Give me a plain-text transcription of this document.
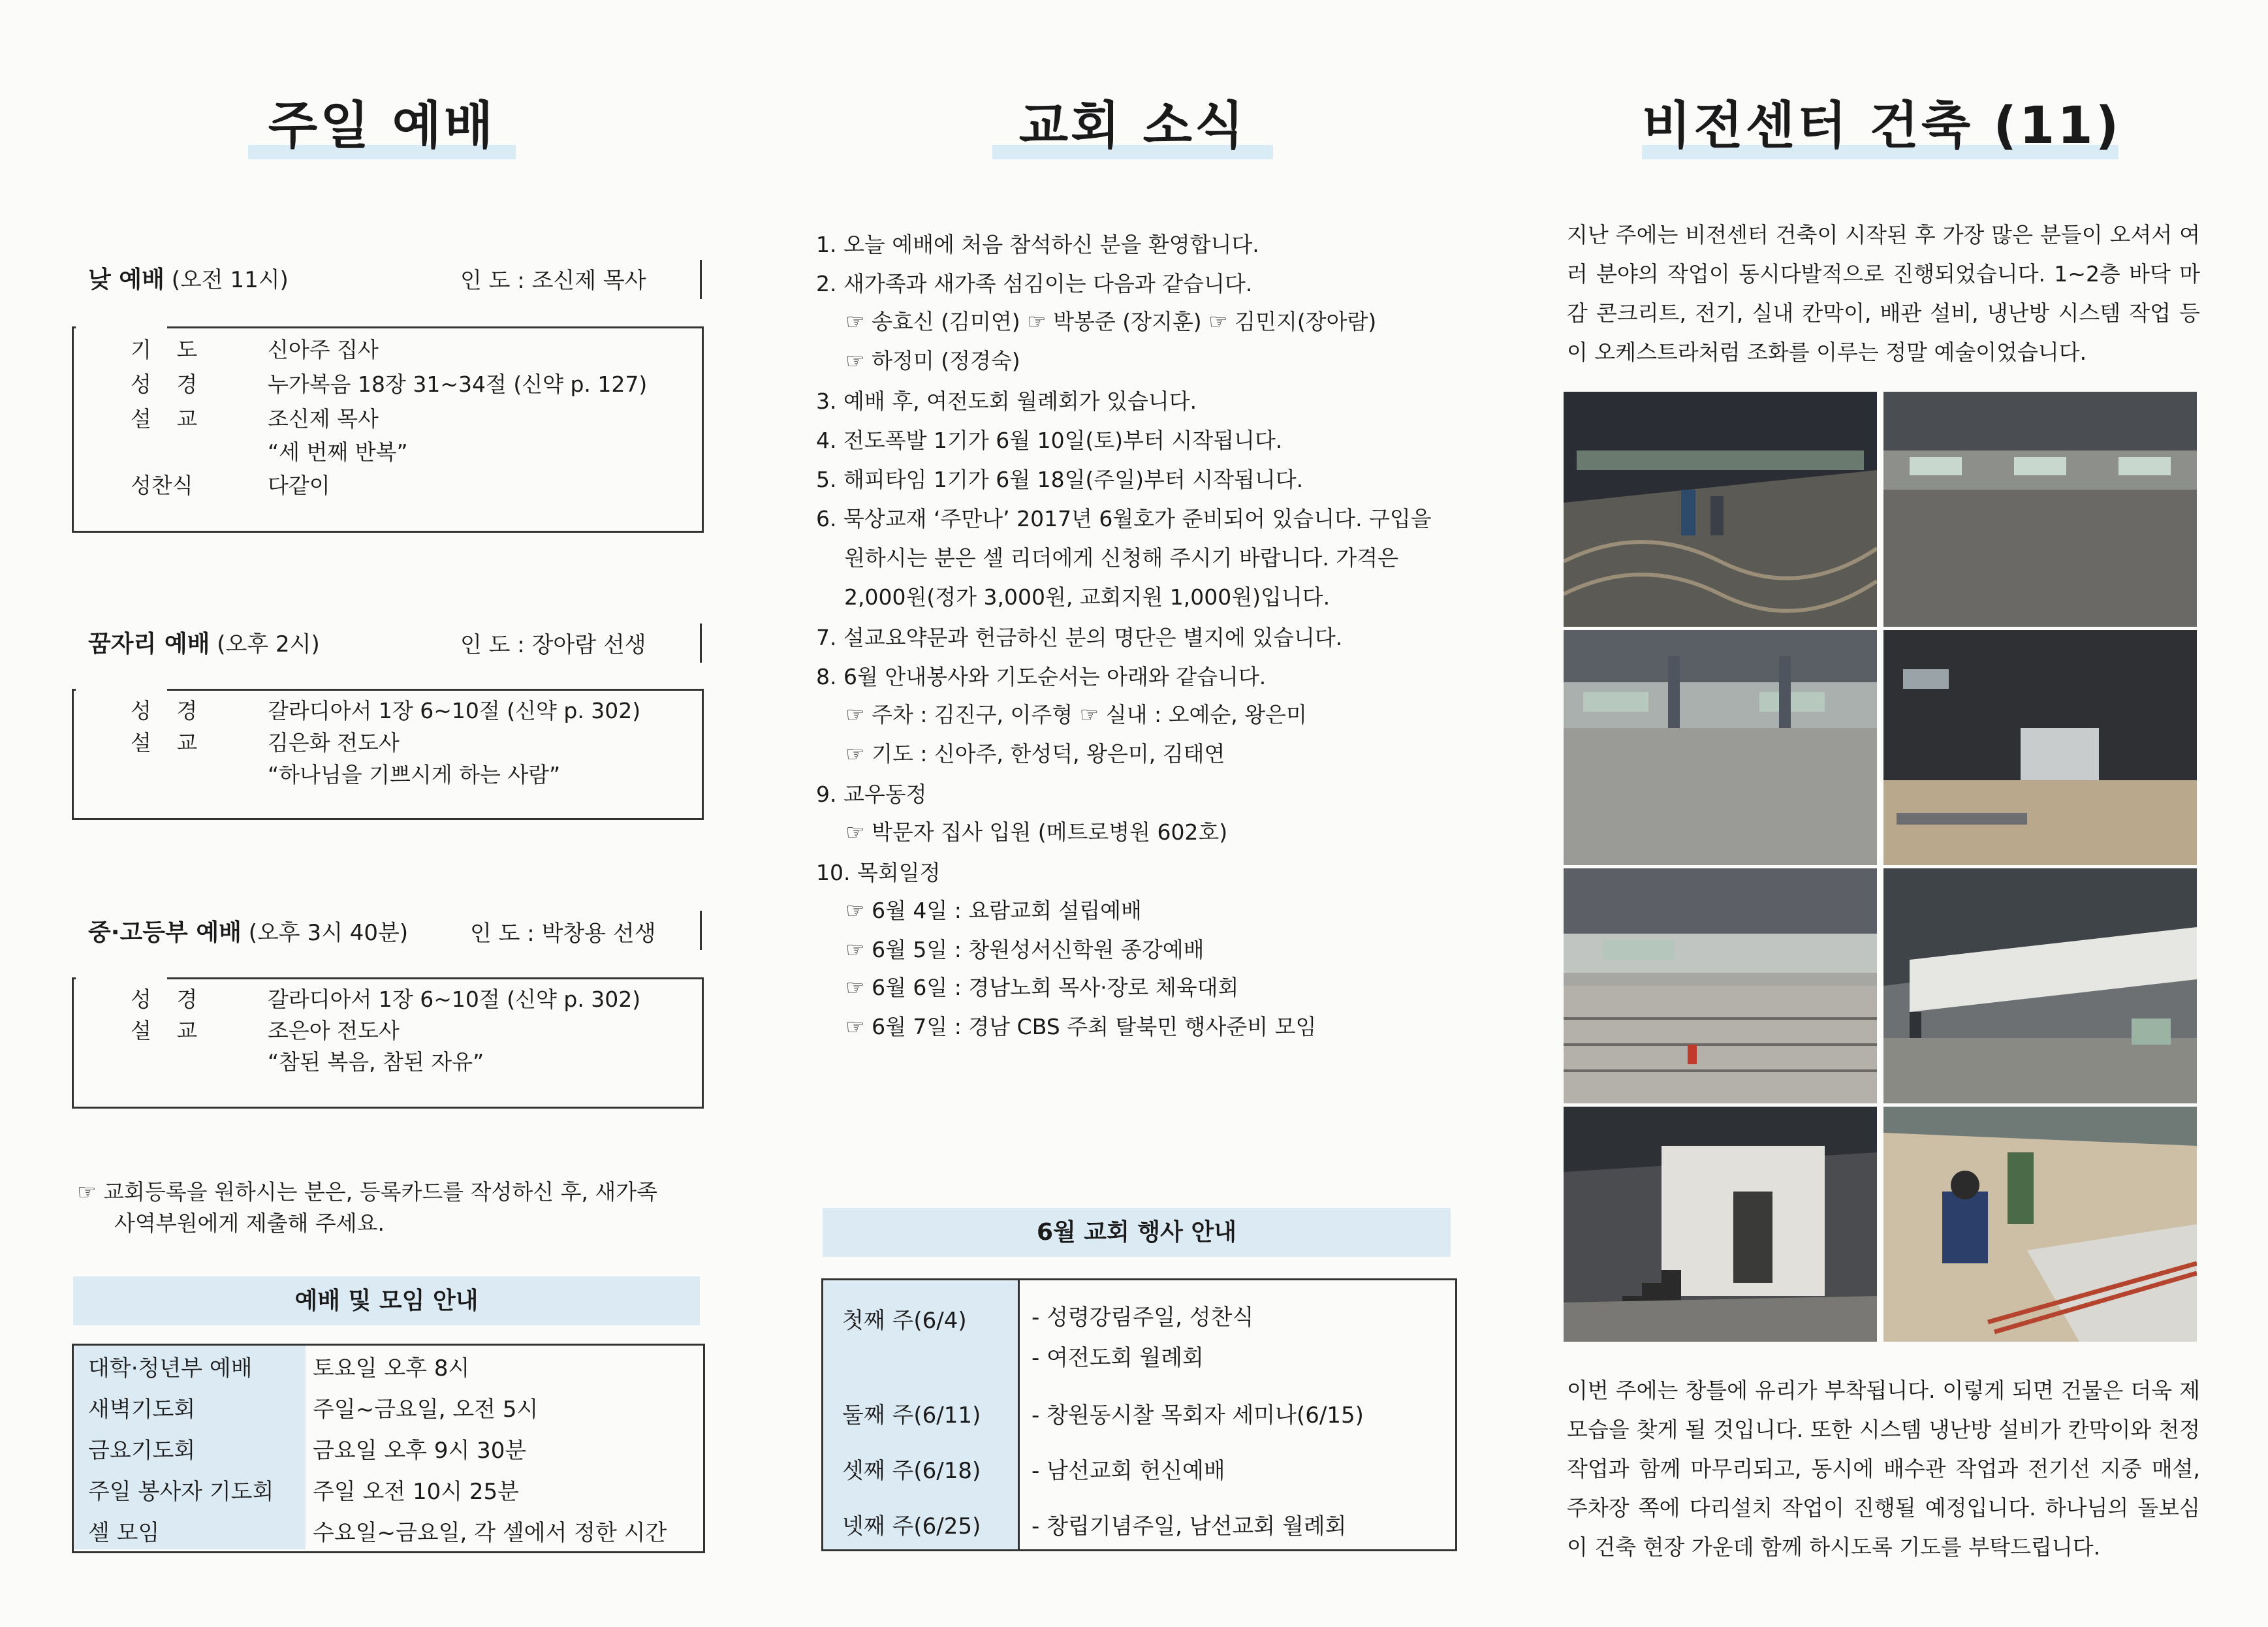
주일 예배
낮 예배 (오전 11시)	인 도 : 조신제 목사
기 도	신아주 집사
성 경	누가복음 18장 31~34절 (신약 p. 127)
설 교	조신제 목사
“세 번째 반복”
성찬식	다같이
꿈자리 예배 (오후 2시)	인 도 : 장아람 선생
성 경	갈라디아서 1장 6~10절 (신약 p. 302)
설 교	김은화 전도사
“하나님을 기쁘시게 하는 사람”
중·고등부 예배 (오후 3시 40분)	인 도 : 박창용 선생
성 경	갈라디아서 1장 6~10절 (신약 p. 302)
설 교	조은아 전도사
“참된 복음, 참된 자유”
☞ 교회등록을 원하시는 분은, 등록카드를 작성하신 후, 새가족
사역부원에게 제출해 주세요.
예배 및 모임 안내
대학·청년부 예배	토요일 오후 8시
새벽기도회	주일~금요일, 오전 5시
금요기도회	금요일 오후 9시 30분
주일 봉사자 기도회	주일 오전 10시 25분
셀 모임	수요일~금요일, 각 셀에서 정한 시간
교회 소식
1. 오늘 예배에 처음 참석하신 분을 환영합니다.
2. 새가족과 새가족 섬김이는 다음과 같습니다.
☞ 송효신 (김미연) ☞ 박봉준 (장지훈) ☞ 김민지(장아람)
☞ 하정미 (정경숙)
3. 예배 후, 여전도회 월례회가 있습니다.
4. 전도폭발 1기가 6월 10일(토)부터 시작됩니다.
5. 해피타임 1기가 6월 18일(주일)부터 시작됩니다.
6. 묵상교재 ‘주만나’ 2017년 6월호가 준비되어 있습니다. 구입을
원하시는 분은 셀 리더에게 신청해 주시기 바랍니다. 가격은
2,000원(정가 3,000원, 교회지원 1,000원)입니다.
7. 설교요약문과 헌금하신 분의 명단은 별지에 있습니다.
8. 6월 안내봉사와 기도순서는 아래와 같습니다.
☞ 주차 : 김진구, 이주형 ☞ 실내 : 오예순, 왕은미
☞ 기도 : 신아주, 한성덕, 왕은미, 김태연
9. 교우동정
☞ 박문자 집사 입원 (메트로병원 602호)
10. 목회일정
☞ 6월 4일 : 요람교회 설립예배
☞ 6월 5일 : 창원성서신학원 종강예배
☞ 6월 6일 : 경남노회 목사·장로 체육대회
☞ 6월 7일 : 경남 CBS 주최 탈북민 행사준비 모임
6월 교회 행사 안내
첫째 주(6/4)	- 성령강림주일, 성찬식
- 여전도회 월례회
둘째 주(6/11) - 창원동시찰 목회자 세미나(6/15)
셋째 주(6/18) - 남선교회 헌신예배
넷째 주(6/25) - 창립기념주일, 남선교회 월례회
비전센터 건축 (11)
지난 주에는 비전센터 건축이 시작된 후 가장 많은 분들이 오셔서 여러 분야의 작업이 동시다발적으로 진행되었습니다. 1~2층 바닥 마감 콘크리트, 전기, 실내 칸막이, 배관 설비, 냉난방 시스템 작업 등이 오케스트라처럼 조화를 이루는 정말 예술이었습니다.
이번 주에는 창틀에 유리가 부착됩니다. 이렇게 되면 건물은 더욱 제 모습을 찾게 될 것입니다. 또한 시스템 냉난방 설비가 칸막이와 천정 작업과 함께 마무리되고, 동시에 배수관 작업과 전기선 지중 매설, 주차장 쪽에 다리설치 작업이 진행될 예정입니다. 하나님의 돌보심이 건축 현장 가운데 함께 하시도록 기도를 부탁드립니다.
